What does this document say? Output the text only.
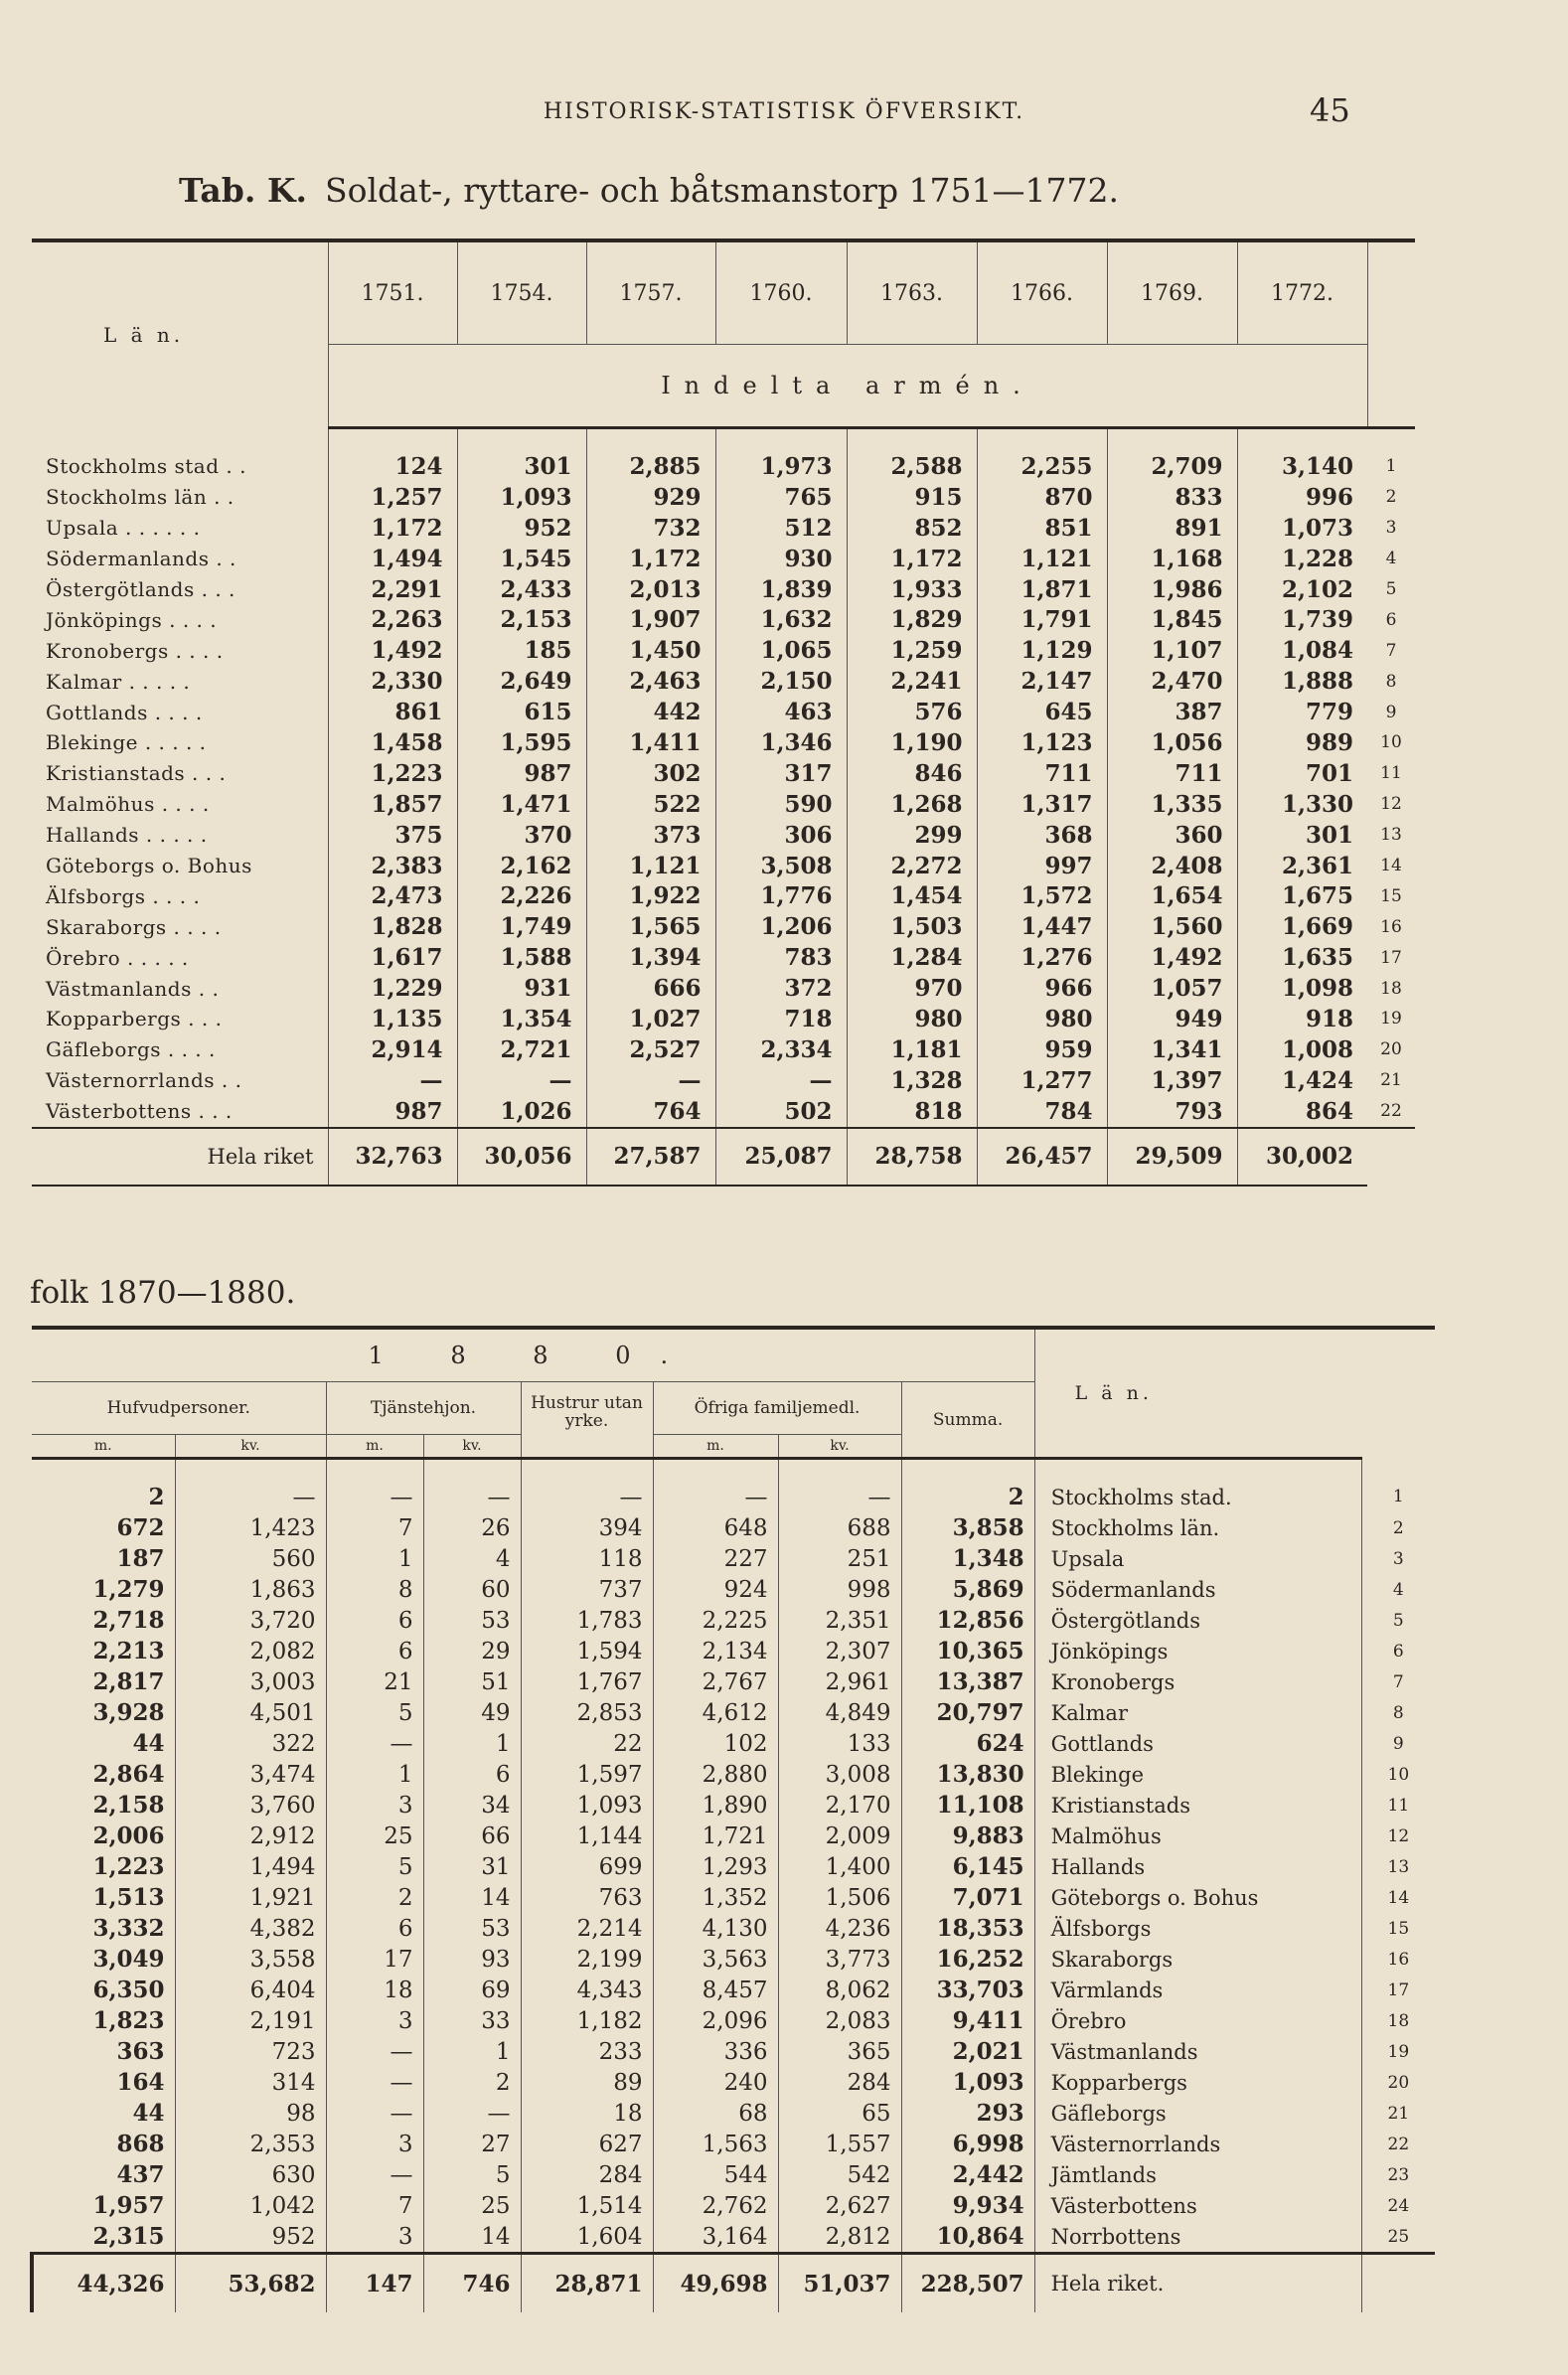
HISTORISK-STATISTISK ÖFVERSIKT.	45
Tab. K. Soldat-, ryttare- och båtsmanstorp 1751—1772.
L ä n.	1751.	1754.	1757.	1760.	1763.	1766.	1769.	1772.	
	Indelta armén.								
Stockholms stad . .	124	301	2,885	1,973	2,588	2,255	2,709	3,140	1
Stockholms län . .	1,257	1,093	929	765	915	870	833	996	2
Upsala . . . . . .	1,172	952	732	512	852	851	891	1,073	3
Södermanlands . .	1,494	1,545	1,172	930	1,172	1,121	1,168	1,228	4
Östergötlands . . .	2,291	2,433	2,013	1,839	1,933	1,871	1,986	2,102	5
Jönköpings . . . .	2,263	2,153	1,907	1,632	1,829	1,791	1,845	1,739	6
Kronobergs . . . .	1,492	185	1,450	1,065	1,259	1,129	1,107	1,084	7
Kalmar . . . . .	2,330	2,649	2,463	2,150	2,241	2,147	2,470	1,888	8
Gottlands . . . .	861	615	442	463	576	645	387	779	9
Blekinge . . . . .	1,458	1,595	1,411	1,346	1,190	1,123	1,056	989	10
Kristianstads . . .	1,223	987	302	317	846	711	711	701	11
Malmöhus . . . .	1,857	1,471	522	590	1,268	1,317	1,335	1,330	12
Hallands . . . . .	375	370	373	306	299	368	360	301	13
Göteborgs o. Bohus	2,383	2,162	1,121	3,508	2,272	997	2,408	2,361	14
Älfsborgs . . . .	2,473	2,226	1,922	1,776	1,454	1,572	1,654	1,675	15
Skaraborgs . . . .	1,828	1,749	1,565	1,206	1,503	1,447	1,560	1,669	16
Örebro . . . . .	1,617	1,588	1,394	783	1,284	1,276	1,492	1,635	17
Västmanlands . .	1,229	931	666	372	970	966	1,057	1,098	18
Kopparbergs . . .	1,135	1,354	1,027	718	980	980	949	918	19
Gäfleborgs . . . .	2,914	2,721	2,527	2,334	1,181	959	1,341	1,008	20
Västernorrlands . .	—	—	—	—	1,328	1,277	1,397	1,424	21
Västerbottens . . .	987	1,026	764	502	818	784	793	864	22
Hela riket	32,763	30,056	27,587	25,087	28,758	26,457	29,509	30,002	
folk 1870—1880.
1 8 8 0.								L ä n.	
Hufvudpersoner.		Tjänstehjon.		Hustrur utan yrke.	Öfriga familjemedl.		Summa.		
m.	kv.	m.	kv.		m.	kv.			
2	—	—	—	—	—	—	2	Stockholms stad.	1
672	1,423	7	26	394	648	688	3,858	Stockholms län.	2
187	560	1	4	118	227	251	1,348	Upsala	3
1,279	1,863	8	60	737	924	998	5,869	Södermanlands	4
2,718	3,720	6	53	1,783	2,225	2,351	12,856	Östergötlands	5
2,213	2,082	6	29	1,594	2,134	2,307	10,365	Jönköpings	6
2,817	3,003	21	51	1,767	2,767	2,961	13,387	Kronobergs	7
3,928	4,501	5	49	2,853	4,612	4,849	20,797	Kalmar	8
44	322	—	1	22	102	133	624	Gottlands	9
2,864	3,474	1	6	1,597	2,880	3,008	13,830	Blekinge	10
2,158	3,760	3	34	1,093	1,890	2,170	11,108	Kristianstads	11
2,006	2,912	25	66	1,144	1,721	2,009	9,883	Malmöhus	12
1,223	1,494	5	31	699	1,293	1,400	6,145	Hallands	13
1,513	1,921	2	14	763	1,352	1,506	7,071	Göteborgs o. Bohus	14
3,332	4,382	6	53	2,214	4,130	4,236	18,353	Älfsborgs	15
3,049	3,558	17	93	2,199	3,563	3,773	16,252	Skaraborgs	16
6,350	6,404	18	69	4,343	8,457	8,062	33,703	Värmlands	17
1,823	2,191	3	33	1,182	2,096	2,083	9,411	Örebro	18
363	723	—	1	233	336	365	2,021	Västmanlands	19
164	314	—	2	89	240	284	1,093	Kopparbergs	20
44	98	—	—	18	68	65	293	Gäfleborgs	21
868	2,353	3	27	627	1,563	1,557	6,998	Västernorrlands	22
437	630	—	5	284	544	542	2,442	Jämtlands	23
1,957	1,042	7	25	1,514	2,762	2,627	9,934	Västerbottens	24
2,315	952	3	14	1,604	3,164	2,812	10,864	Norrbottens	25
44,326	53,682	147	746	28,871	49,698	51,037	228,507	Hela riket.	
